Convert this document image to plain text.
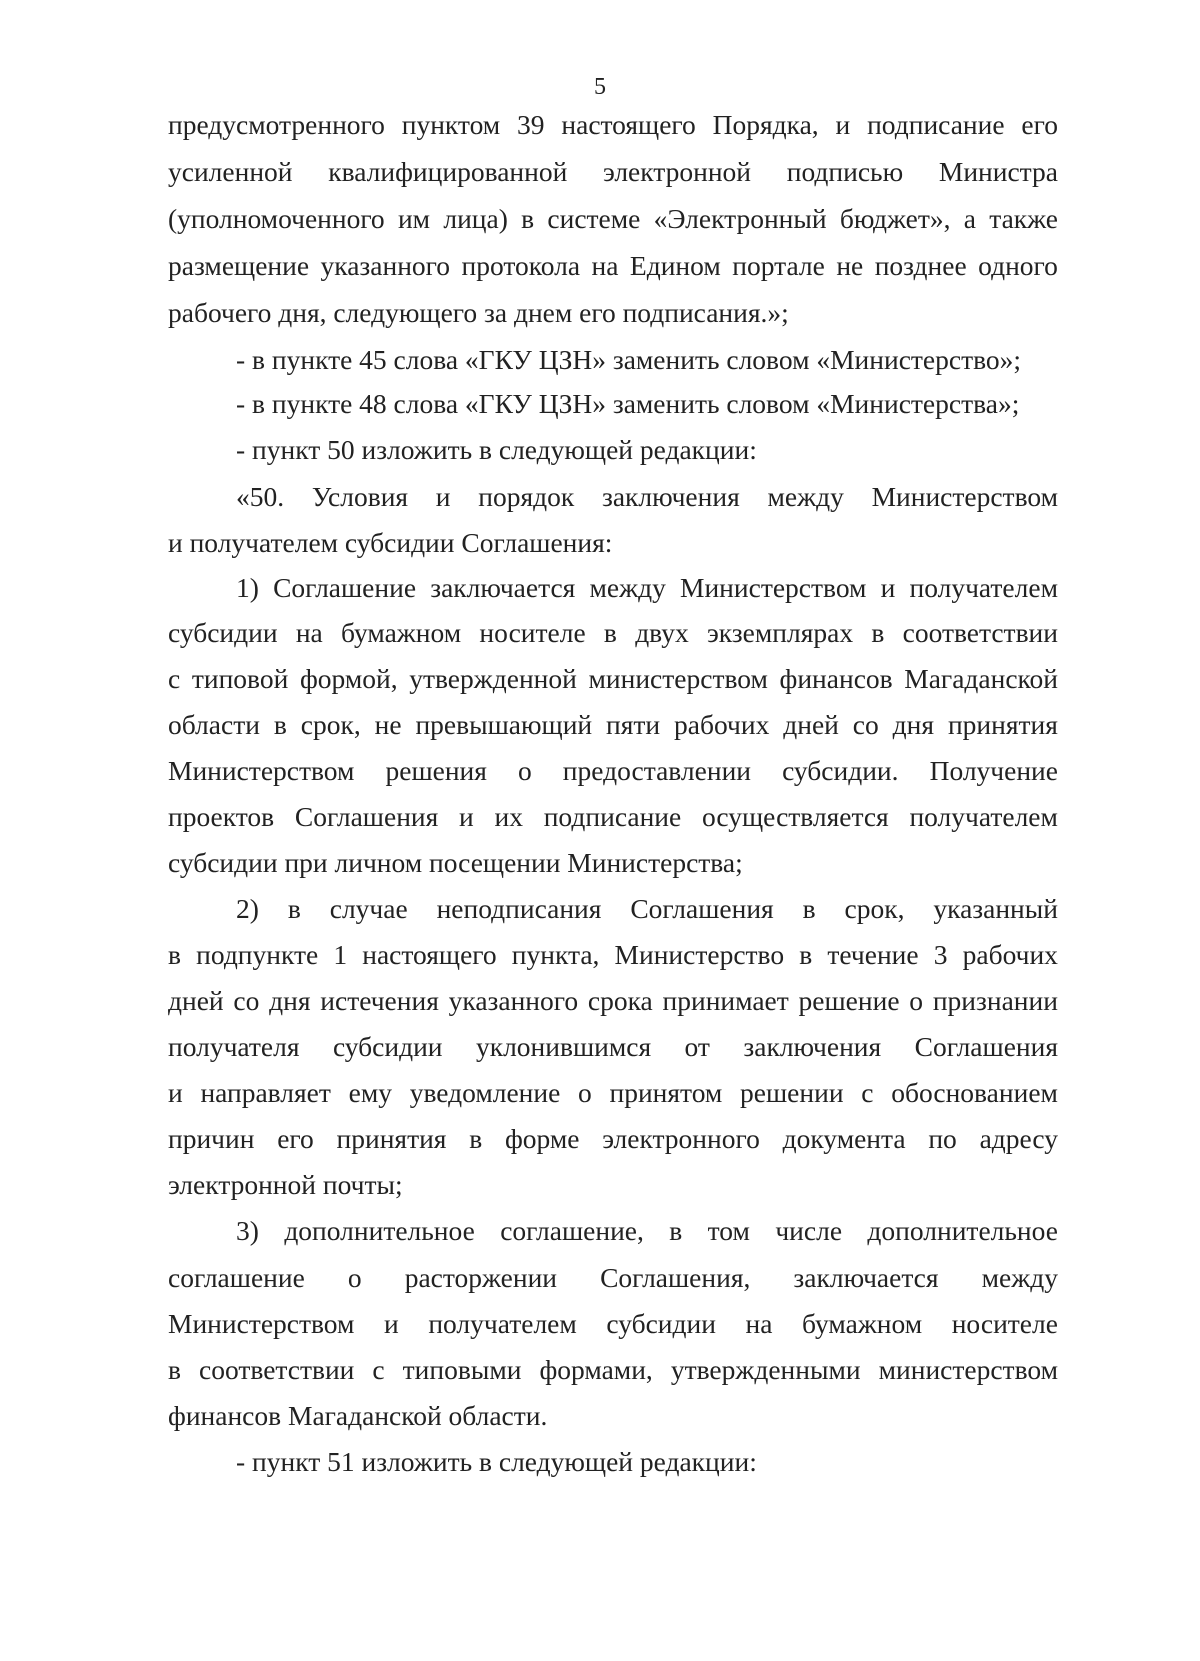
5
предусмотренного пунктом 39 настоящего Порядка, и подписание его
усиленной квалифицированной электронной подписью Министра
(уполномоченного им лица) в системе «Электронный бюджет», а также
размещение указанного протокола на Едином портале не позднее одного
рабочего дня, следующего за днем его подписания.»;
- в пункте 45 слова «ГКУ ЦЗН» заменить словом «Министерство»;
- в пункте 48 слова «ГКУ ЦЗН» заменить словом «Министерства»;
- пункт 50 изложить в следующей редакции:
«50. Условия и порядок заключения между Министерством
и получателем субсидии Соглашения:
1) Соглашение заключается между Министерством и получателем
субсидии на бумажном носителе в двух экземплярах в соответствии
с типовой формой, утвержденной министерством финансов Магаданской
области в срок, не превышающий пяти рабочих дней со дня принятия
Министерством решения о предоставлении субсидии. Получение
проектов Соглашения и их подписание осуществляется получателем
субсидии при личном посещении Министерства;
2) в случае неподписания Соглашения в срок, указанный
в подпункте 1 настоящего пункта, Министерство в течение 3 рабочих
дней со дня истечения указанного срока принимает решение о признании
получателя субсидии уклонившимся от заключения Соглашения
и направляет ему уведомление о принятом решении с обоснованием
причин его принятия в форме электронного документа по адресу
электронной почты;
3) дополнительное соглашение, в том числе дополнительное
соглашение о расторжении Соглашения, заключается между
Министерством и получателем субсидии на бумажном носителе
в соответствии с типовыми формами, утвержденными министерством
финансов Магаданской области.
- пункт 51 изложить в следующей редакции:
